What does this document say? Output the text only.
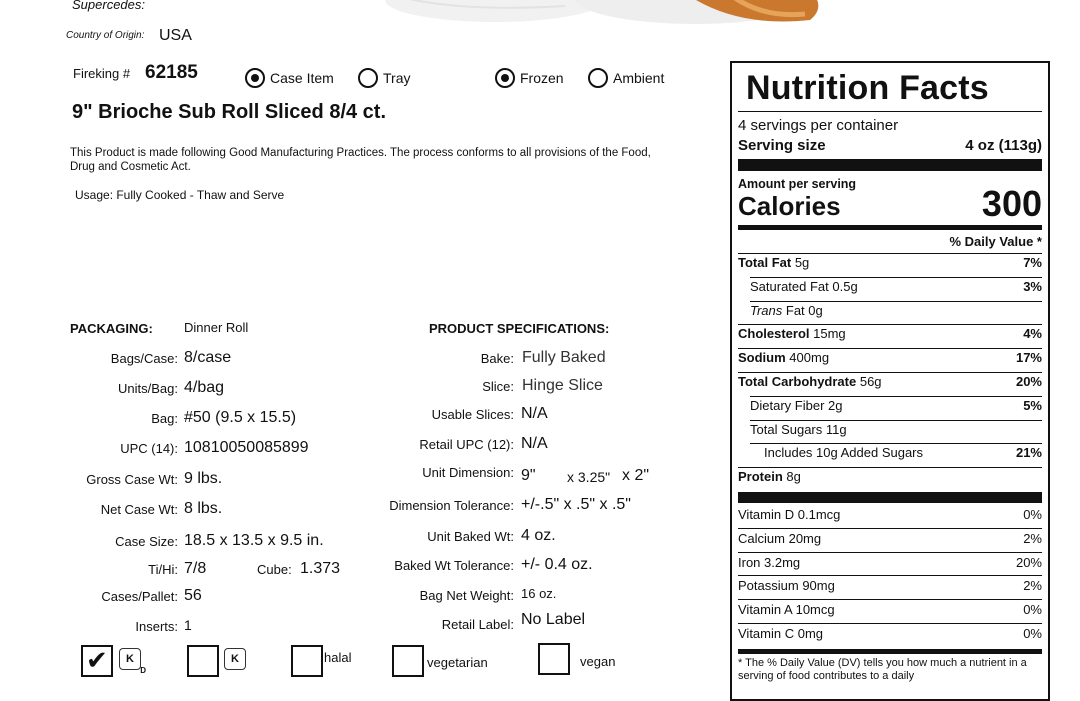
Supercedes:
Country of Origin: USA
Fireking # 62185	Case Item	Tray	Frozen	Ambient
9" Brioche Sub Roll Sliced 8/4 ct.
This Product is made following Good Manufacturing Practices. The process conforms to all provisions of the Food, Drug and Cosmetic Act.
Usage: Fully Cooked - Thaw and Serve
PACKAGING: Dinner Roll
Bags/Case: 8/case
Units/Bag: 4/bag
Bag: #50 (9.5 x 15.5)
UPC (14): 10810050085899
Gross Case Wt: 9 lbs.
Net Case Wt: 8 lbs.
Case Size: 18.5 x 13.5 x 9.5 in.
Ti/Hi: 7/8	Cube: 1.373
Cases/Pallet: 56
Inserts: 1
PRODUCT SPECIFICATIONS:
Bake: Fully Baked
Slice: Hinge Slice
Usable Slices: N/A
Retail UPC (12): N/A
Unit Dimension: 9" x 3.25" x 2"
Dimension Tolerance: +/-.5" x .5" x .5"
Unit Baked Wt: 4 oz.
Baked Wt Tolerance: +/- 0.4 oz.
Bag Net Weight: 16 oz.
Retail Label: No Label
✔	K
D
K	halal	vegetarian	vegan
Nutrition Facts
4 servings per container
Serving size	4 oz (113g)
Amount per serving
Calories	300
% Daily Value *
Total Fat 5g	7%
Saturated Fat 0.5g	3%
Trans Fat 0g
Cholesterol 15mg	4%
Sodium 400mg	17%
Total Carbohydrate 56g	20%
Dietary Fiber 2g	5%
Total Sugars 11g
Includes 10g Added Sugars	21%
Protein 8g
Vitamin D 0.1mcg	0%
Calcium 20mg	2%
Iron 3.2mg	20%
Potassium 90mg	2%
Vitamin A 10mcg	0%
Vitamin C 0mg	0%
* The % Daily Value (DV) tells you how much a nutrient in a serving of food contributes to a daily
